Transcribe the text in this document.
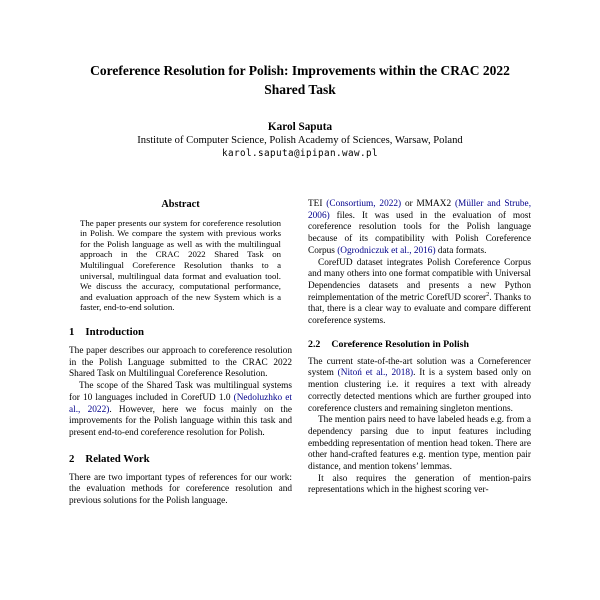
Coreference Resolution for Polish: Improvements within the CRAC 2022 Shared Task
Karol Saputa
Institute of Computer Science, Polish Academy of Sciences, Warsaw, Poland
karol.saputa@ipipan.waw.pl
Abstract

The paper presents our system for coreference resolution in Polish. We compare the system with previous works for the Polish language as well as with the multilingual approach in the CRAC 2022 Shared Task on Multilingual Coreference Resolution thanks to a universal, multilingual data format and evaluation tool. We discuss the accuracy, computational performance, and evaluation approach of the new System which is a faster, end-to-end solution.

1 Introduction

The paper describes our approach to coreference resolution in the Polish Language submitted to the CRAC 2022 Shared Task on Multilingual Coreference Resolution.

The scope of the Shared Task was multilingual systems for 10 languages included in CorefUD 1.0 (Nedoluzhko et al., 2022). However, here we focus mainly on the improvements for the Polish language within this task and present end-to-end coreference resolution for Polish.

2 Related Work

There are two important types of references for our work: the evaluation methods for coreference resolution and previous solutions for the Polish language.

TEI (Consortium, 2022) or MMAX2 (Müller and Strube, 2006) files. It was used in the evaluation of most coreference resolution tools for the Polish language because of its compatibility with Polish Coreference Corpus (Ogrodniczuk et al., 2016) data formats.

CorefUD dataset integrates Polish Coreference Corpus and many others into one format compatible with Universal Dependencies datasets and presents a new Python reimplementation of the metric CorefUD scorer$^2$. Thanks to that, there is a clear way to evaluate and compare different coreference systems.

2.2 Coreference Resolution in Polish

The current state-of-the-art solution was a Corneferencer system (Nitoń et al., 2018). It is a system based only on mention clustering i.e. it requires a text with already correctly detected mentions which are further grouped into coreference clusters and remaining singleton mentions.

The mention pairs need to have labeled heads e.g. from a dependency parsing due to input features including embedding representation of mention head token. There are other hand-crafted features e.g. mention type, mention pair distance, and mention tokens’ lemmas.

It also requires the generation of mention-pairs representations which in the highest scoring ver-
